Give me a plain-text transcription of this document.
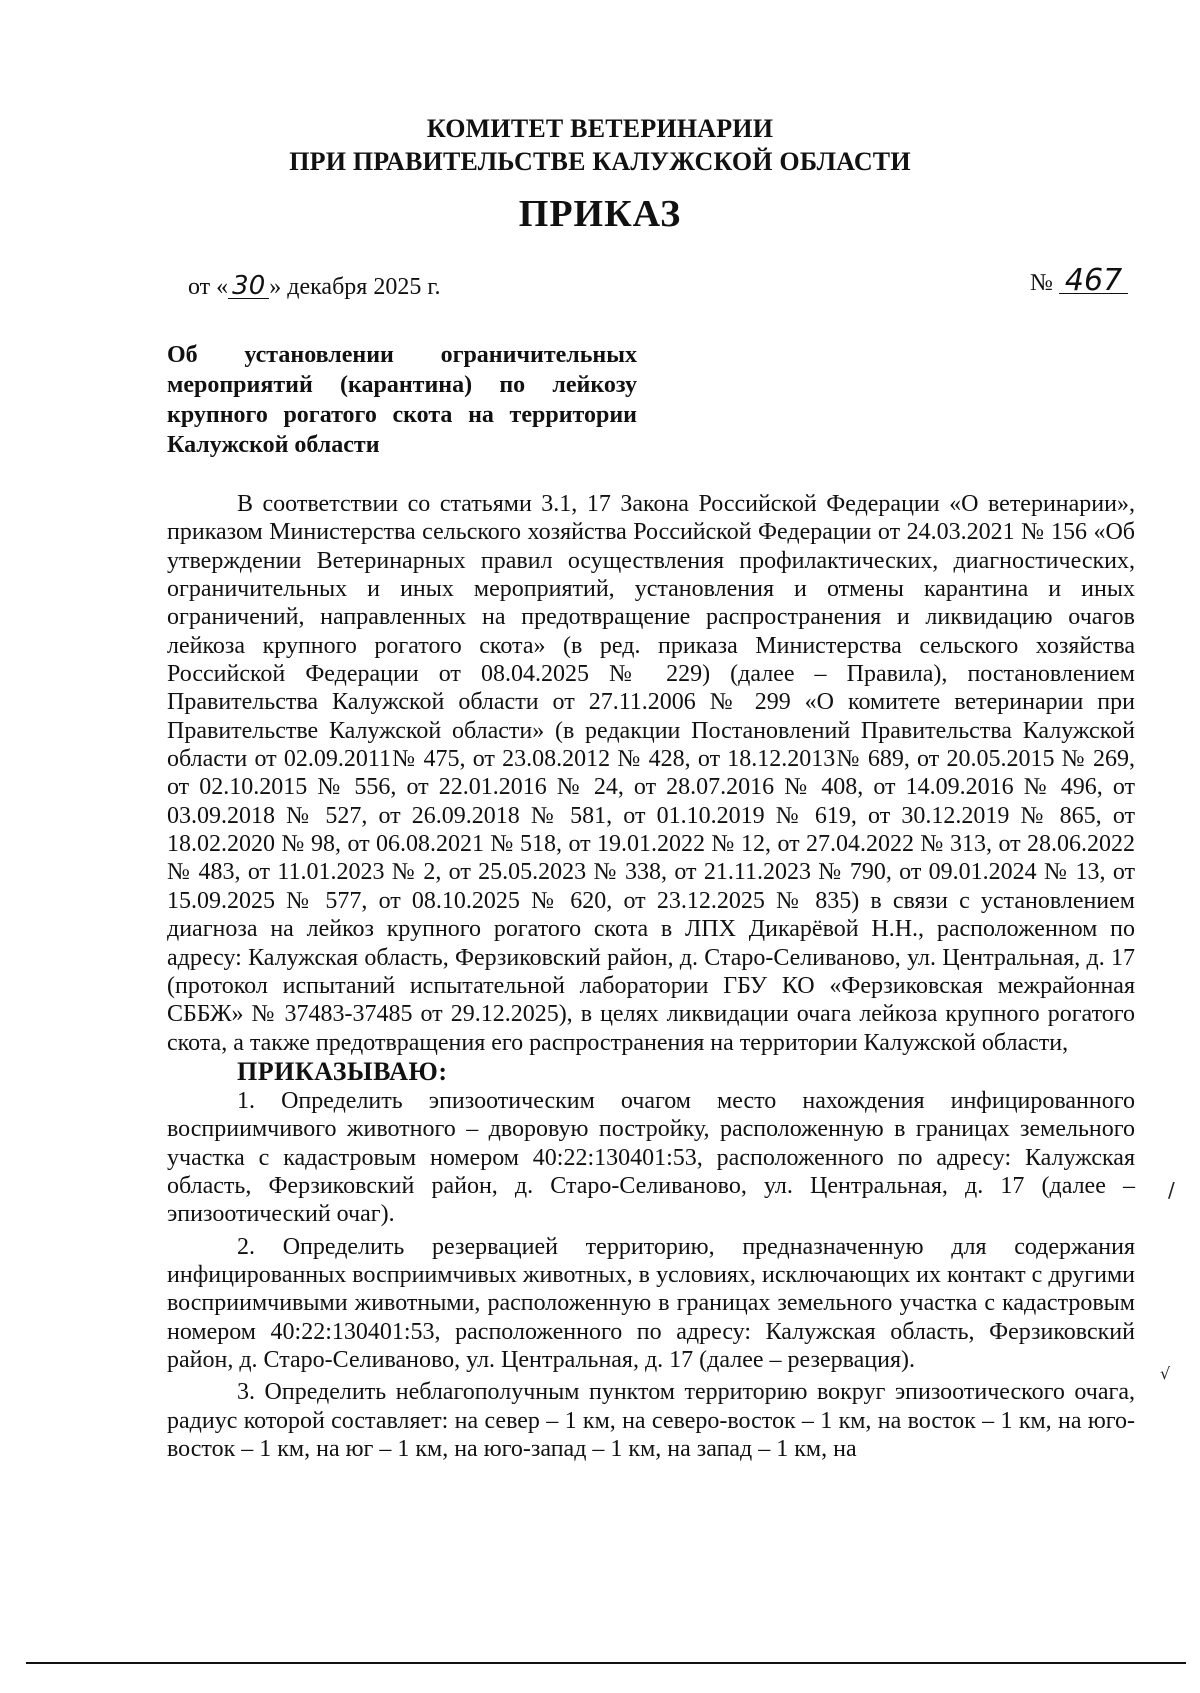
КОМИТЕТ ВЕТЕРИНАРИИ
ПРИ ПРАВИТЕЛЬСТВЕ КАЛУЖСКОЙ ОБЛАСТИ
ПРИКАЗ
от « 30 » декабря 2025 г.	№ 467
Об установлении ограничительных мероприятий (карантина) по лейкозу крупного рогатого скота на территории Калужской области

В соответствии со статьями 3.1, 17 Закона Российской Федерации «О ветеринарии», приказом Министерства сельского хозяйства Российской Федерации от 24.03.2021 № 156 «Об утверждении Ветеринарных правил осуществления профилактических, диагностических, ограничительных и иных мероприятий, установления и отмены карантина и иных ограничений, направленных на предотвращение распространения и ликвидацию очагов лейкоза крупного рогатого скота» (в ред. приказа Министерства сельского хозяйства Российской Федерации от 08.04.2025 № 229) (далее – Правила), постановлением Правительства Калужской области от 27.11.2006 № 299 «О комитете ветеринарии при Правительстве Калужской области» (в редакции Постановлений Правительства Калужской области от 02.09.2011№ 475, от 23.08.2012 № 428, от 18.12.2013№ 689, от 20.05.2015 № 269, от 02.10.2015 № 556, от 22.01.2016 № 24, от 28.07.2016 № 408, от 14.09.2016 № 496, от 03.09.2018 № 527, от 26.09.2018 № 581, от 01.10.2019 № 619, от 30.12.2019 № 865, от 18.02.2020 № 98, от 06.08.2021 № 518, от 19.01.2022 № 12, от 27.04.2022 № 313, от 28.06.2022 № 483, от 11.01.2023 № 2, от 25.05.2023 № 338, от 21.11.2023 № 790, от 09.01.2024 № 13, от 15.09.2025 № 577, от 08.10.2025 № 620, от 23.12.2025 № 835) в связи с установлением диагноза на лейкоз крупного рогатого скота в ЛПХ Дикарёвой Н.Н., расположенном по адресу: Калужская область, Ферзиковский район, д. Старо-Селиваново, ул. Центральная, д. 17 (протокол испытаний испытательной лаборатории ГБУ КО «Ферзиковская межрайонная СББЖ» № 37483-37485 от 29.12.2025), в целях ликвидации очага лейкоза крупного рогатого скота, а также предотвращения его распространения на территории Калужской области,

ПРИКАЗЫВАЮ:

1. Определить эпизоотическим очагом место нахождения инфицированного восприимчивого животного – дворовую постройку, расположенную в границах земельного участка с кадастровым номером 40:22:130401:53, расположенного по адресу: Калужская область, Ферзиковский район, д. Старо-Селиваново, ул. Центральная, д. 17 (далее – эпизоотический очаг).

2. Определить резервацией территорию, предназначенную для содержания инфицированных восприимчивых животных, в условиях, исключающих их контакт с другими восприимчивыми животными, расположенную в границах земельного участка с кадастровым номером 40:22:130401:53, расположенного по адресу: Калужская область, Ферзиковский район, д. Старо-Селиваново, ул. Центральная, д. 17 (далее – резервация).

3. Определить неблагополучным пунктом территорию вокруг эпизоотического очага, радиус которой составляет: на север – 1 км, на северо-восток – 1 км, на восток – 1 км, на юго-восток – 1 км, на юг – 1 км, на юго-запад – 1 км, на запад – 1 км, на

/
√
